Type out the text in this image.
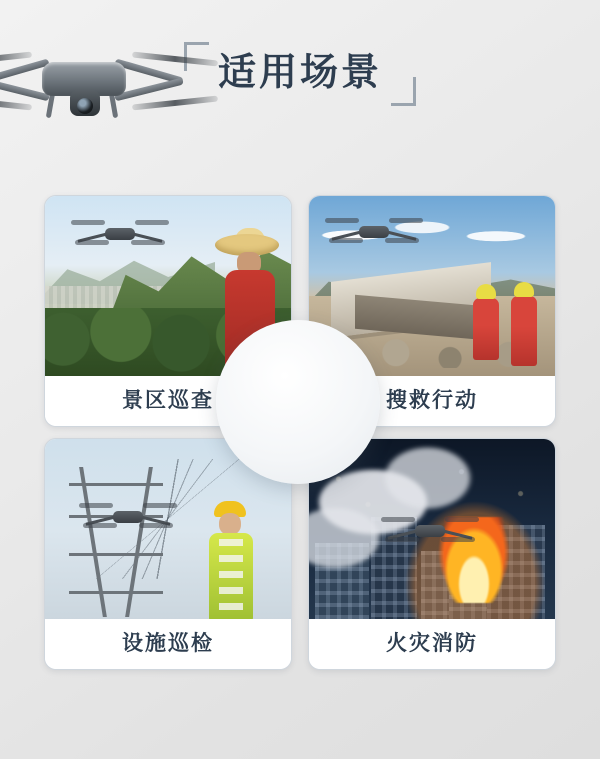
适用场景
景区巡查	搜救行动
设施巡检	火灾消防
